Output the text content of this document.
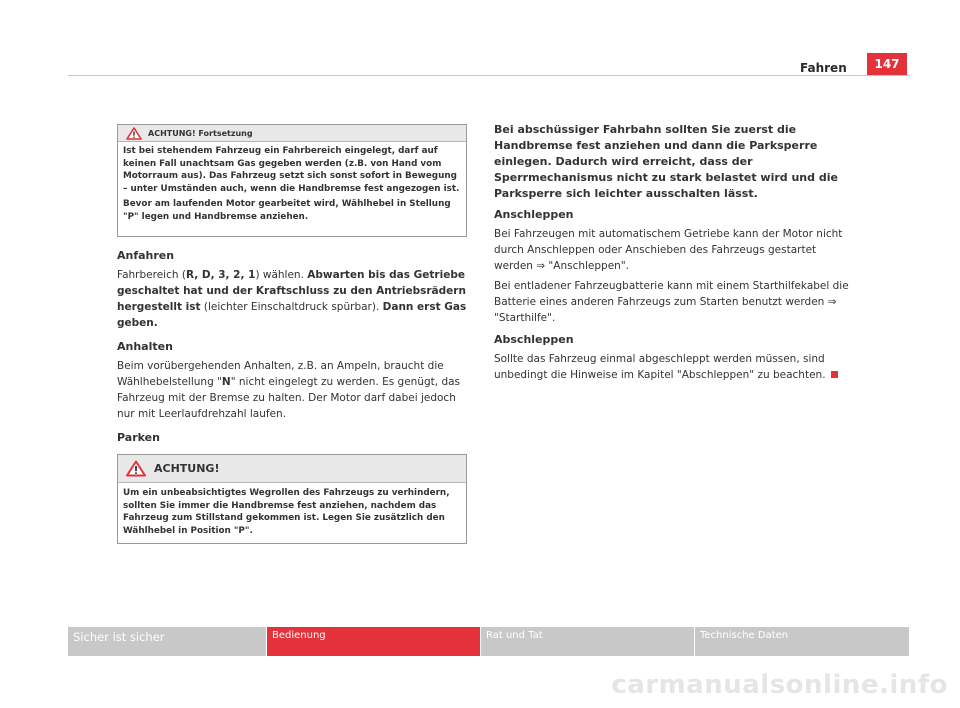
Fahren	147
ACHTUNG! Fortsetzung

Ist bei stehendem Fahrzeug ein Fahrbereich eingelegt, darf auf keinen Fall unachtsam Gas gegeben werden (z.B. von Hand vom Motorraum aus). Das Fahrzeug setzt sich sonst sofort in Bewegung – unter Umständen auch, wenn die Handbremse fest angezogen ist.

Bevor am laufenden Motor gearbeitet wird, Wählhebel in Stellung "P" legen und Handbremse anziehen.

Anfahren

Fahrbereich (R, D, 3, 2, 1) wählen. Abwarten bis das Getriebe geschaltet hat und der Kraftschluss zu den Antriebsrädern hergestellt ist (leichter Einschaltdruck spürbar). Dann erst Gas geben.

Anhalten

Beim vorübergehenden Anhalten, z.B. an Ampeln, braucht die Wählhebelstellung "N" nicht eingelegt zu werden. Es genügt, das Fahrzeug mit der Bremse zu halten. Der Motor darf dabei jedoch nur mit Leerlaufdrehzahl laufen.

Parken
ACHTUNG!
Um ein unbeabsichtigtes Wegrollen des Fahrzeugs zu verhindern, sollten Sie immer die Handbremse fest anziehen, nachdem das Fahrzeug zum Stillstand gekommen ist. Legen Sie zusätzlich den Wählhebel in Position "P".

Bei abschüssiger Fahrbahn sollten Sie zuerst die Handbremse fest anziehen und dann die Parksperre einlegen. Dadurch wird erreicht, dass der Sperrmechanismus nicht zu stark belastet wird und die Parksperre sich leichter ausschalten lässt.

Anschleppen

Bei Fahrzeugen mit automatischem Getriebe kann der Motor nicht durch Anschleppen oder Anschieben des Fahrzeugs gestartet werden ⇒ "Anschleppen".

Bei entladener Fahrzeugbatterie kann mit einem Starthilfekabel die Batterie eines anderen Fahrzeugs zum Starten benutzt werden ⇒ "Starthilfe".

Abschleppen

Sollte das Fahrzeug einmal abgeschleppt werden müssen, sind unbedingt die Hinweise im Kapitel "Abschleppen" zu beachten.

Sicher ist sicher	Bedienung	Rat und Tat	Technische Daten
carmanualsonline.info
